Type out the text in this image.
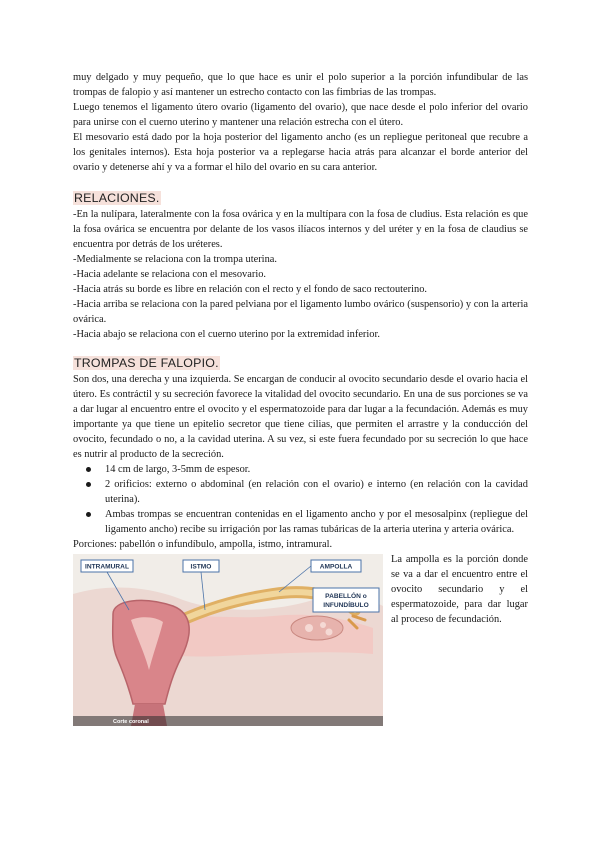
muy delgado y muy pequeño, que lo que hace es unir el polo superior a la porción infundibular de las trompas de falopio y así mantener un estrecho contacto con las fimbrias de las trompas.

Luego tenemos el ligamento útero ovario (ligamento del ovario), que nace desde el polo inferior del ovario para unirse con el cuerno uterino y mantener una relación estrecha con el útero.

El mesovario está dado por la hoja posterior del ligamento ancho (es un repliegue peritoneal que recubre a los genitales internos). Esta hoja posterior va a replegarse hacia atrás para alcanzar el borde anterior del ovario y detenerse ahí y va a formar el hilo del ovario en su cara anterior.

RELACIONES.

-En la nulípara, lateralmente con la fosa ovárica y en la multípara con la fosa de cludius. Esta relación es que la fosa ovárica se encuentra por delante de los vasos ilíacos internos y del uréter y en la fosa de claudius se encuentra por detrás de los uréteres.

-Medialmente se relaciona con la trompa uterina.

-Hacia adelante se relaciona con el mesovario.

-Hacia atrás su borde es libre en relación con el recto y el fondo de saco rectouterino.

-Hacia arriba se relaciona con la pared pelviana por el ligamento lumbo ovárico (suspensorio) y con la arteria ovárica.

-Hacia abajo se relaciona con el cuerno uterino por la extremidad inferior.

TROMPAS DE FALOPIO.

Son dos, una derecha y una izquierda. Se encargan de conducir al ovocito secundario desde el ovario hacia el útero. Es contráctil y su secreción favorece la vitalidad del ovocito secundario. En una de sus porciones se va a dar lugar al encuentro entre el ovocito y el espermatozoide para dar lugar a la fecundación. Además es muy importante ya que tiene un epitelio secretor que tiene cilias, que permiten el arrastre y la conducción del ovocito, fecundado o no, a la cavidad uterina. A su vez, si este fuera fecundado por su secreción lo que hace es nutrir al producto de la secreción.

14 cm de largo, 3-5mm de espesor.
2 orificios: externo o abdominal (en relación con el ovario) e interno (en relación con la cavidad uterina).
Ambas trompas se encuentran contenidas en el ligamento ancho y por el mesosalpinx (repliegue del ligamento ancho) recibe su irrigación por las ramas tubáricas de la arteria uterina y arteria ovárica.

Porciones: pabellón o infundíbulo, ampolla, istmo, intramural.

INTRAMURAL	ISTMO	AMPOLLA
PABELLÓN o
INFUNDÍBULO
Corte coronal

La ampolla es la porción donde se va a dar el encuentro entre el ovocito secundario y el espermatozoide, para dar lugar al proceso de fecundación.
